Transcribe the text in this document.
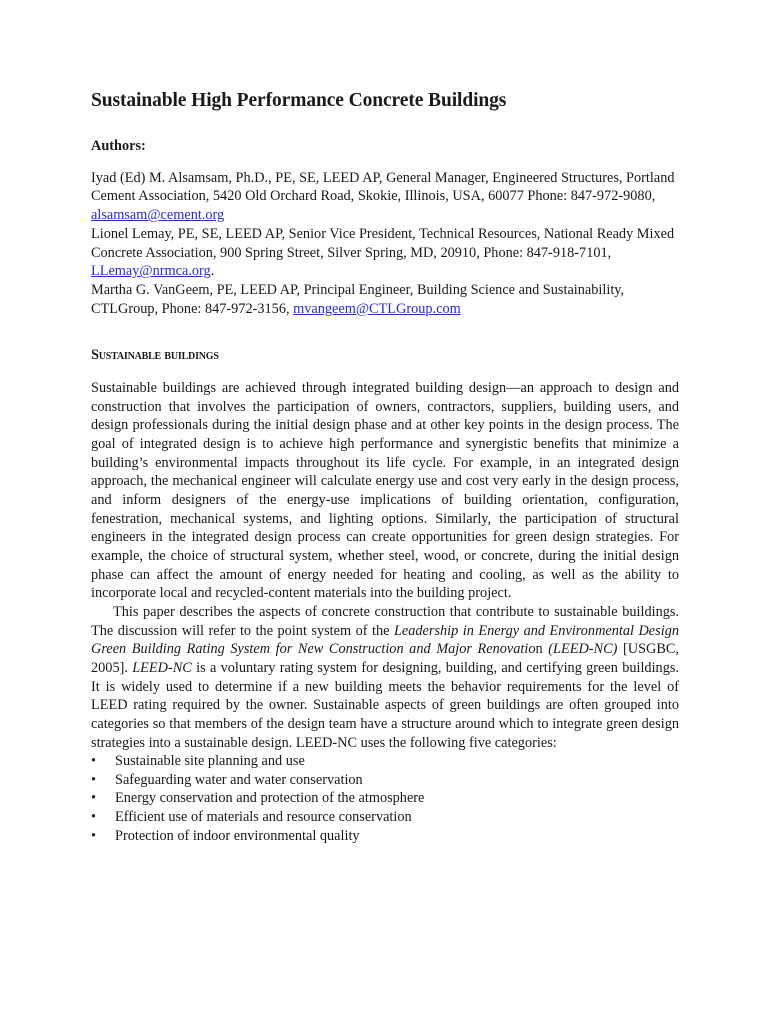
Sustainable High Performance Concrete Buildings

Authors:

Iyad (Ed) M. Alsamsam, Ph.D., PE, SE, LEED AP, General Manager, Engineered Structures, Portland Cement Association, 5420 Old Orchard Road, Skokie, Illinois, USA, 60077 Phone: 847-972-9080, alsamsam@cement.org
Lionel Lemay, PE, SE, LEED AP, Senior Vice President, Technical Resources, National Ready Mixed Concrete Association, 900 Spring Street, Silver Spring, MD, 20910, Phone: 847-918-7101, LLemay@nrmca.org.
Martha G. VanGeem, PE, LEED AP, Principal Engineer, Building Science and Sustainability, CTLGroup, Phone: 847-972-3156, mvangeem@CTLGroup.com
Sustainable buildings

Sustainable buildings are achieved through integrated building design—an approach to design and construction that involves the participation of owners, contractors, suppliers, building users, and design professionals during the initial design phase and at other key points in the design process. The goal of integrated design is to achieve high performance and synergistic benefits that minimize a building’s environmental impacts throughout its life cycle. For example, in an integrated design approach, the mechanical engineer will calculate energy use and cost very early in the design process, and inform designers of the energy-use implications of building orientation, configuration, fenestration, mechanical systems, and lighting options. Similarly, the participation of structural engineers in the integrated design process can create opportunities for green design strategies. For example, the choice of structural system, whether steel, wood, or concrete, during the initial design phase can affect the amount of energy needed for heating and cooling, as well as the ability to incorporate local and recycled-content materials into the building project.

This paper describes the aspects of concrete construction that contribute to sustainable buildings. The discussion will refer to the point system of the Leadership in Energy and Environmental Design Green Building Rating System for New Construction and Major Renovation (LEED-NC) [USGBC, 2005]. LEED-NC is a voluntary rating system for designing, building, and certifying green buildings. It is widely used to determine if a new building meets the behavior requirements for the level of LEED rating required by the owner. Sustainable aspects of green buildings are often grouped into categories so that members of the design team have a structure around which to integrate green design strategies into a sustainable design. LEED-NC uses the following five categories:

•	Sustainable site planning and use
•	Safeguarding water and water conservation
•	Energy conservation and protection of the atmosphere
•	Efficient use of materials and resource conservation
•	Protection of indoor environmental quality
